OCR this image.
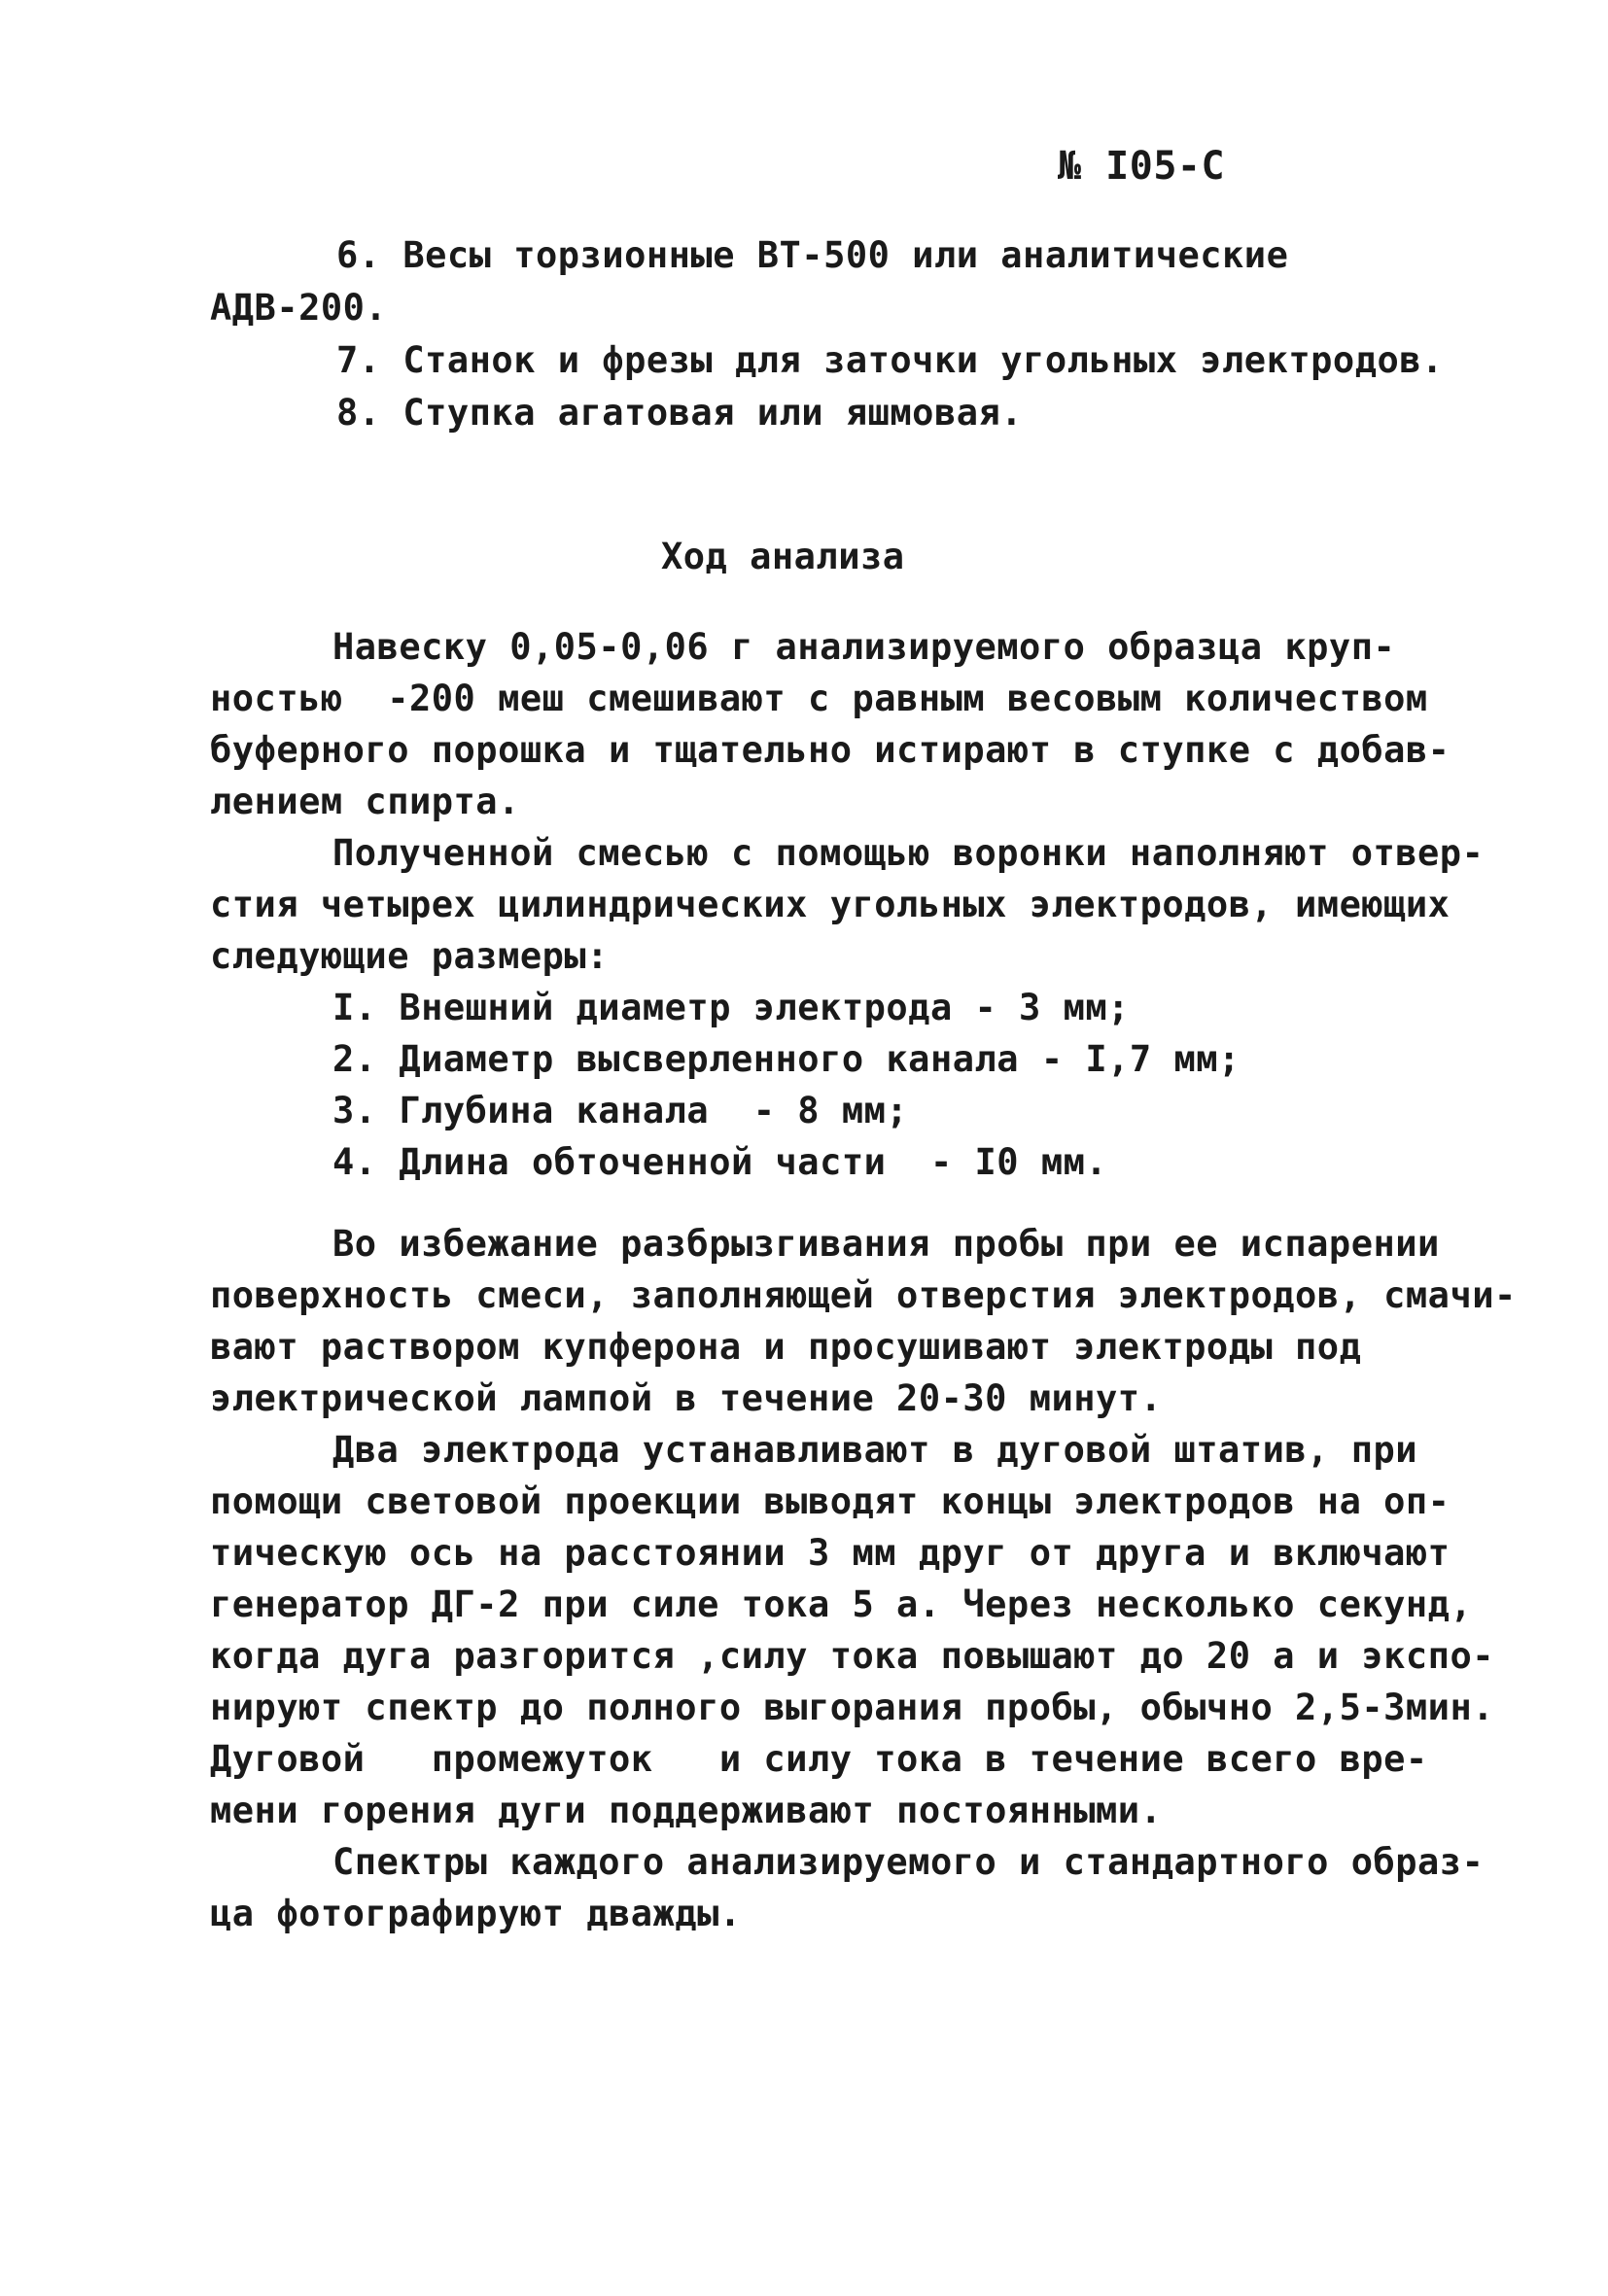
№ I05-С

6. Весы торзионные ВТ-500 или аналитические

АДВ-200.

7. Станок и фрезы для заточки угольных электродов.

8. Ступка агатовая или яшмовая.

Ход анализа

Навеску 0,05-0,06 г анализируемого образца круп-

ностью  -200 меш смешивают с равным весовым количеством

буферного порошка и тщательно истирают в ступке с добав-

лением спирта.

Полученной смесью с помощью воронки наполняют отвер-

стия четырех цилиндрических угольных электродов, имеющих

следующие размеры:

I. Внешний диаметр электрода - 3 мм;

2. Диаметр высверленного канала - I,7 мм;

3. Глубина канала  - 8 мм;

4. Длина обточенной части  - I0 мм.

Во избежание разбрызгивания пробы при ее испарении

поверхность смеси, заполняющей отверстия электродов, смачи-

вают раствором купферона и просушивают электроды под

электрической лампой в течение 20-30 минут.

Два электрода устанавливают в дуговой штатив, при

помощи световой проекции выводят концы электродов на оп-

тическую ось на расстоянии 3 мм друг от друга и включают

генератор ДГ-2 при силе тока 5 а. Через несколько секунд,

когда дуга разгорится ,силу тока повышают до 20 а и экспо-

нируют спектр до полного выгорания пробы, обычно 2,5-3мин.

Дуговой   промежуток   и силу тока в течение всего вре-

мени горения дуги поддерживают постоянными.

Спектры каждого анализируемого и стандартного образ-

ца фотографируют дважды.
